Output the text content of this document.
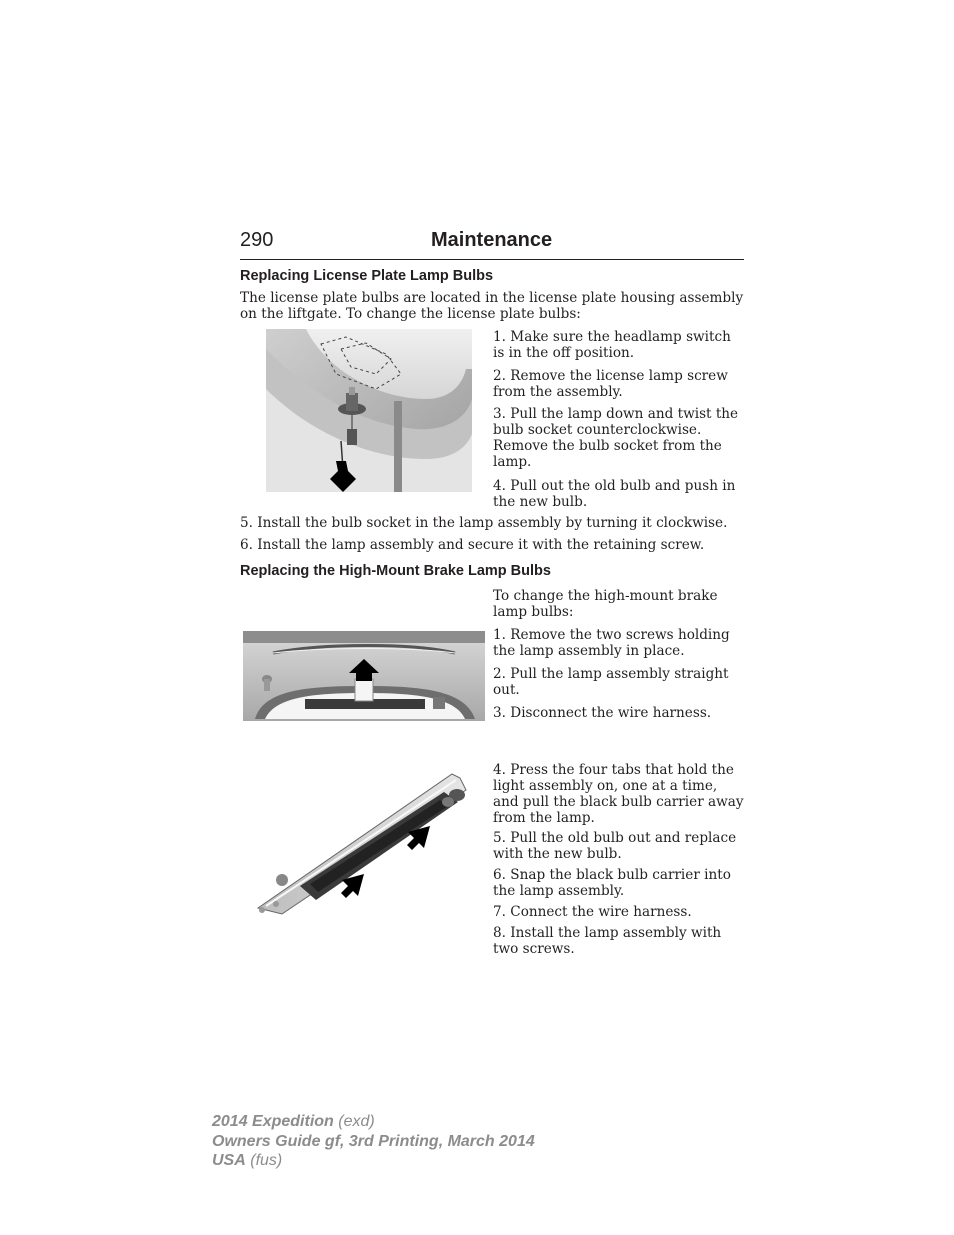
290	Maintenance
Replacing License Plate Lamp Bulbs
The license plate bulbs are located in the license plate housing assembly
on the liftgate. To change the license plate bulbs:
1. Make sure the headlamp switch is in the off position.
2. Remove the license lamp screw from the assembly.
3. Pull the lamp down and twist the bulb socket counterclockwise. Remove the bulb socket from the lamp.
4. Pull out the old bulb and push in the new bulb.
5. Install the bulb socket in the lamp assembly by turning it clockwise.
6. Install the lamp assembly and secure it with the retaining screw.
Replacing the High-Mount Brake Lamp Bulbs
To change the high-mount brake lamp bulbs:
1. Remove the two screws holding the lamp assembly in place.
2. Pull the lamp assembly straight out.
3. Disconnect the wire harness.
4. Press the four tabs that hold the light assembly on, one at a time, and pull the black bulb carrier away from the lamp.
5. Pull the old bulb out and replace with the new bulb.
6. Snap the black bulb carrier into the lamp assembly.
7. Connect the wire harness.
8. Install the lamp assembly with two screws.
2014 Expedition (exd)
Owners Guide gf, 3rd Printing, March 2014
USA (fus)
